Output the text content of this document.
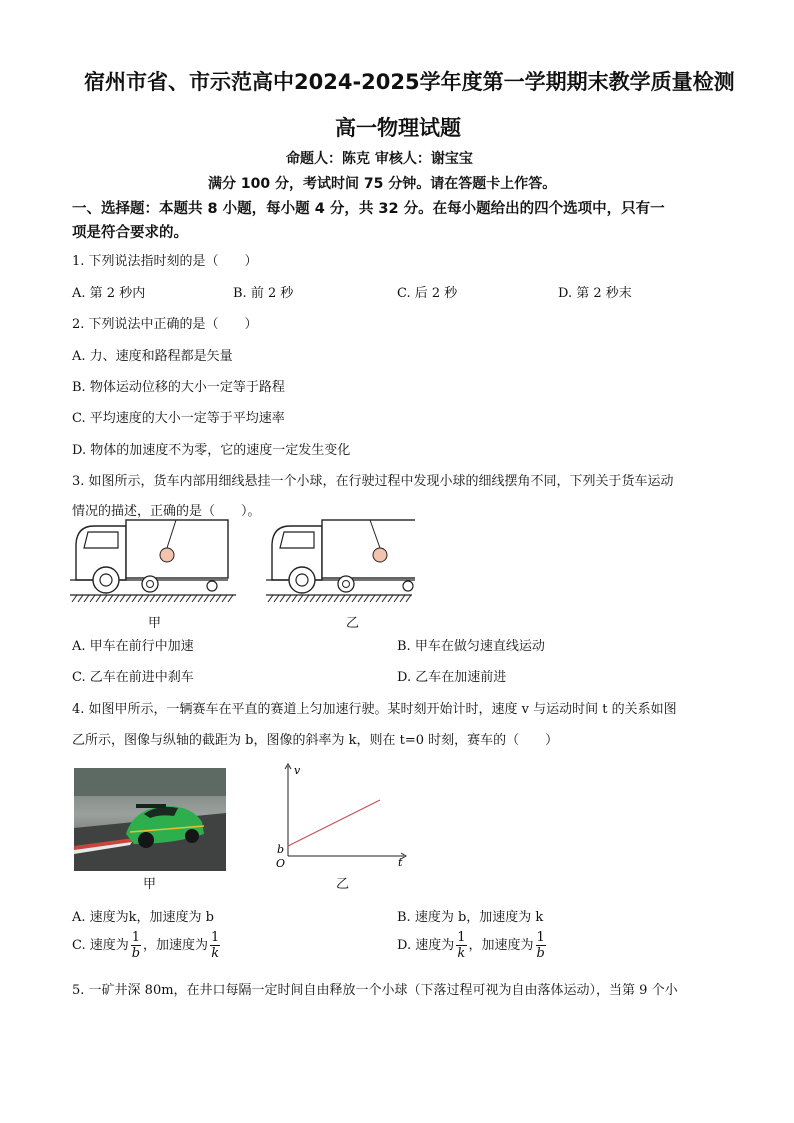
宿州市省、市示范高中2024-2025学年度第一学期期末教学质量检测
高一物理试题
命题人：陈克 审核人：谢宝宝
满分 100 分，考试时间 75 分钟。请在答题卡上作答。
一、选择题：本题共 8 小题，每小题 4 分，共 32 分。在每小题给出的四个选项中，只有一
项是符合要求的。
1. 下列说法指时刻的是（　　）
A. 第 2 秒内	B. 前 2 秒	C. 后 2 秒	D. 第 2 秒末
2. 下列说法中正确的是（　　）
A. 力、速度和路程都是矢量
B. 物体运动位移的大小一定等于路程
C. 平均速度的大小一定等于平均速率
D. 物体的加速度不为零，它的速度一定发生变化
3. 如图所示，货车内部用细线悬挂一个小球，在行驶过程中发现小球的细线摆角不同，下列关于货车运动
情况的描述，正确的是（　　）。
甲	乙
A. 甲车在前行中加速	B. 甲车在做匀速直线运动
C. 乙车在前进中刹车	D. 乙车在加速前进
4. 如图甲所示，一辆赛车在平直的赛道上匀加速行驶。某时刻开始计时，速度 v 与运动时间 t 的关系如图
乙所示，图像与纵轴的截距为 b，图像的斜率为 k，则在 t=0 时刻，赛车的（　　）
甲
v
t
b
O
乙
A. 速度为k，加速度为 b	B. 速度为 b，加速度为 k
C. 速度为 $\frac{1}{b}$ ，加速度为 $\frac{1}{k}$	D. 速度为 $\frac{1}{k}$ ，加速度为 $\frac{1}{b}$
5. 一矿井深 80m，在井口每隔一定时间自由释放一个小球（下落过程可视为自由落体运动），当第 9 个小
